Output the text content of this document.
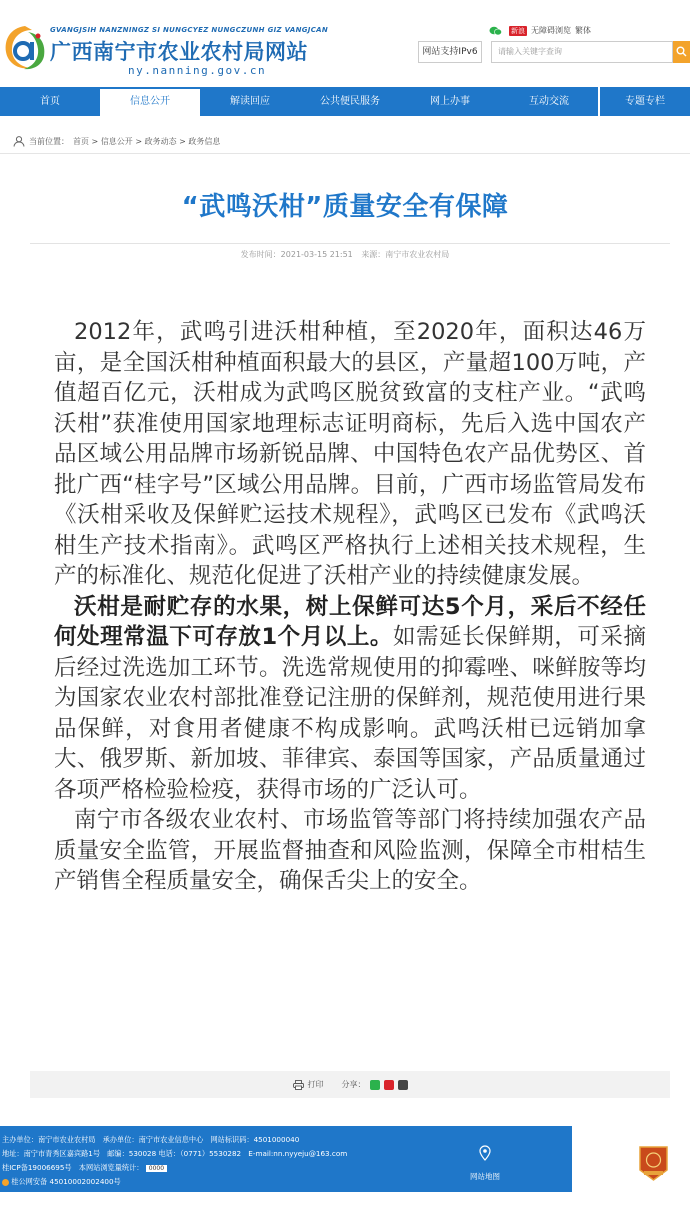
GVANGJSIH NANZNINGZ SI NUNGCYEZ NUNGCZUNH GIZ VANGJCAN
广西南宁市农业农村局网站
ny.nanning.gov.cn
新浪 无障碍浏览 繁体
网站支持IPv6	请输入关键字查询
首页	信息公开	解读回应	公共便民服务	网上办事	互动交流	专题专栏
当前位置： 首页 > 信息公开 > 政务动态 > 政务信息
“武鸣沃柑”质量安全有保障
发布时间：2021-03-15 21:51 来源：南宁市农业农村局

2012年，武鸣引进沃柑种植，至2020年，面积达46万亩，是全国沃柑种植面积最大的县区，产量超100万吨，产值超百亿元，沃柑成为武鸣区脱贫致富的支柱产业。“武鸣沃柑”获准使用国家地理标志证明商标，先后入选中国农产品区域公用品牌市场新锐品牌、中国特色农产品优势区、首批广西“桂字号”区域公用品牌。目前，广西市场监管局发布《沃柑采收及保鲜贮运技术规程》，武鸣区已发布《武鸣沃柑生产技术指南》。武鸣区严格执行上述相关技术规程，生产的标准化、规范化促进了沃柑产业的持续健康发展。

沃柑是耐贮存的水果，树上保鲜可达5个月，采后不经任何处理常温下可存放1个月以上。如需延长保鲜期，可采摘后经过洗选加工环节。洗选常规使用的抑霉唑、咪鲜胺等均为国家农业农村部批准登记注册的保鲜剂，规范使用进行果品保鲜，对食用者健康不构成影响。武鸣沃柑已远销加拿大、俄罗斯、新加坡、菲律宾、泰国等国家，产品质量通过各项严格检验检疫，获得市场的广泛认可。

南宁市各级农业农村、市场监管等部门将持续加强农产品质量安全监管，开展监督抽查和风险监测，保障全市柑桔生产销售全程质量安全，确保舌尖上的安全。

打印 分享：
主办单位：南宁市农业农村局　承办单位：南宁市农业信息中心　网站标识码：4501000040
地址：南宁市青秀区嘉宾路1号　邮编：530028 电话：（0771）5530282　E-mail:nn.nyyeju@163.com
桂ICP备19006695号　本网站浏览量统计： 0000
桂公网安备 45010002002400号
网站地图
